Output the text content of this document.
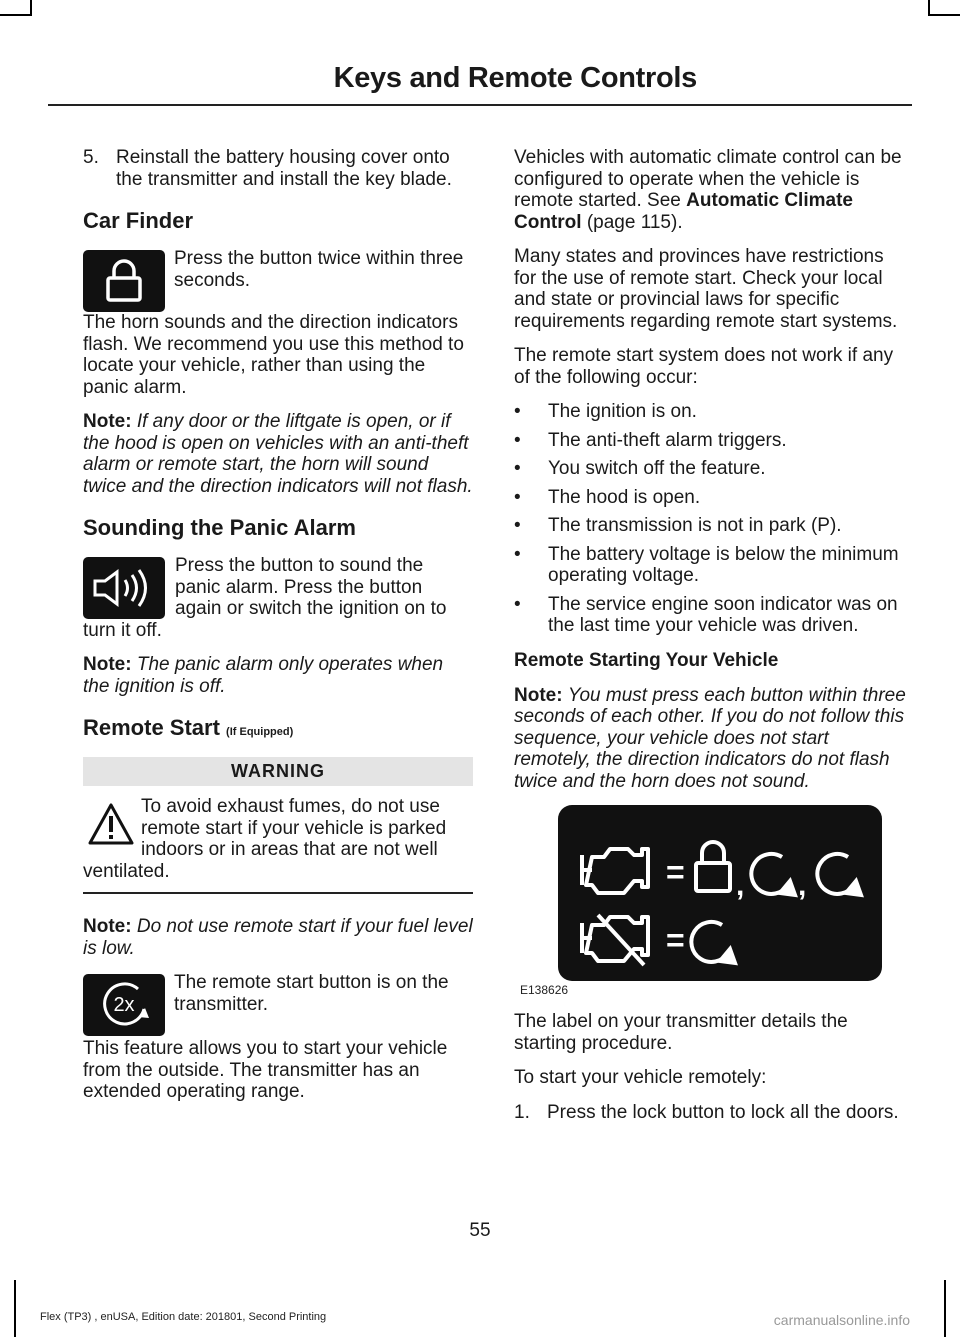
Keys and Remote Controls
5. Reinstall the battery housing cover onto the transmitter and install the key blade.
Car Finder

Press the button twice within three seconds.

The horn sounds and the direction indicators flash. We recommend you use this method to locate your vehicle, rather than using the panic alarm.

Note: If any door or the liftgate is open, or if the hood is open on vehicles with an anti-theft alarm or remote start, the horn will sound twice and the direction indicators will not flash.

Sounding the Panic Alarm
Press the button to sound the panic alarm. Press the button again or switch the ignition on to turn it off.

Note: The panic alarm only operates when the ignition is off.

Remote Start (If Equipped)
WARNING
To avoid exhaust fumes, do not use remote start if your vehicle is parked indoors or in areas that are not well ventilated.

Note: Do not use remote start if your fuel level is low.

2x

The remote start button is on the transmitter.

This feature allows you to start your vehicle from the outside. The transmitter has an extended operating range.

Vehicles with automatic climate control can be configured to operate when the vehicle is remote started. See Automatic Climate Control (page 115).

Many states and provinces have restrictions for the use of remote start. Check your local and state or provincial laws for specific requirements regarding remote start systems.

The remote start system does not work if any of the following occur:

•	The ignition is on.
•	The anti-theft alarm triggers.
•	You switch off the feature.
•	The hood is open.
•	The transmission is not in park (P).
•	The battery voltage is below the minimum operating voltage.
•	The service engine soon indicator was on the last time your vehicle was driven.
Remote Starting Your Vehicle

Note: You must press each button within three seconds of each other. If you do not follow this sequence, your vehicle does not start remotely, the direction indicators do not flash twice and the horn does not sound.

= , ,
=
E138626

The label on your transmitter details the starting procedure.

To start your vehicle remotely:

1. Press the lock button to lock all the doors.
55
Flex (TP3) , enUSA, Edition date: 201801, Second Printing	carmanualsonline.info
